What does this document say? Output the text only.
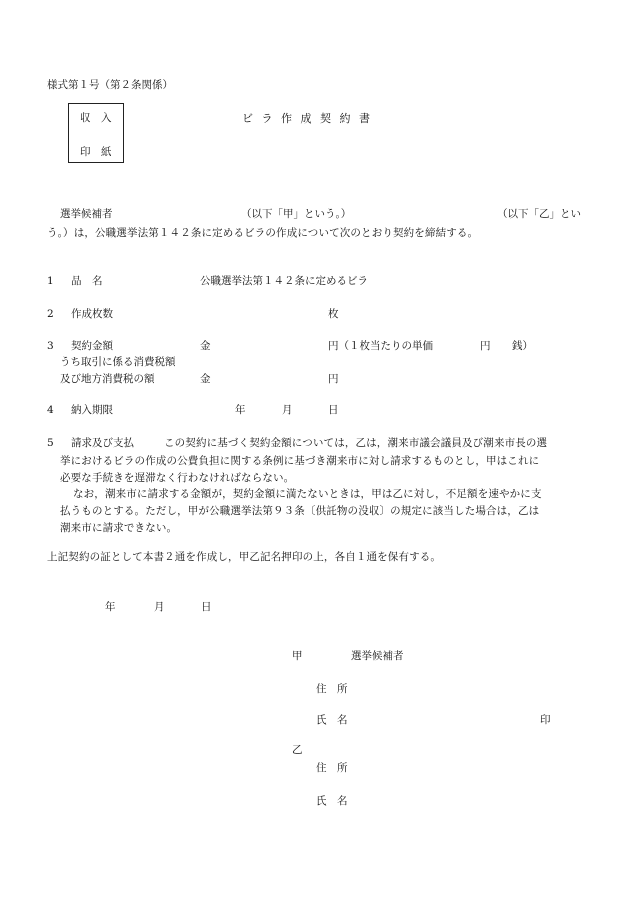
様式第１号（第２条関係）
収　入
印　紙
ビラ作成契約書
選挙候補者	（以下「甲」という。）	（以下「乙」とい
う。）は，公職選挙法第１４２条に定めるビラの作成について次のとおり契約を締結する。
1 品　名	公職選挙法第１４２条に定めるビラ
2 作成枚数	枚
3 契約金額	金	円（１枚当たりの単価	円 銭）
うち取引に係る消費税額
及び地方消費税の額	金	円
4 納入期限	年	月	日
5 請求及び支払	この契約に基づく契約金額については，乙は，潮来市議会議員及び潮来市長の選
挙におけるビラの作成の公費負担に関する条例に基づき潮来市に対し請求するものとし，甲はこれに
必要な手続きを遅滞なく行わなければならない。
なお，潮来市に請求する金額が，契約金額に満たないときは，甲は乙に対し，不足額を速やかに支
払うものとする。ただし，甲が公職選挙法第９３条〔供託物の没収〕の規定に該当した場合は，乙は
潮来市に請求できない。
上記契約の証として本書２通を作成し，甲乙記名押印の上，各自１通を保有する。
年	月	日
甲	選挙候補者
住　所
氏　名	印
乙
住　所
氏　名
